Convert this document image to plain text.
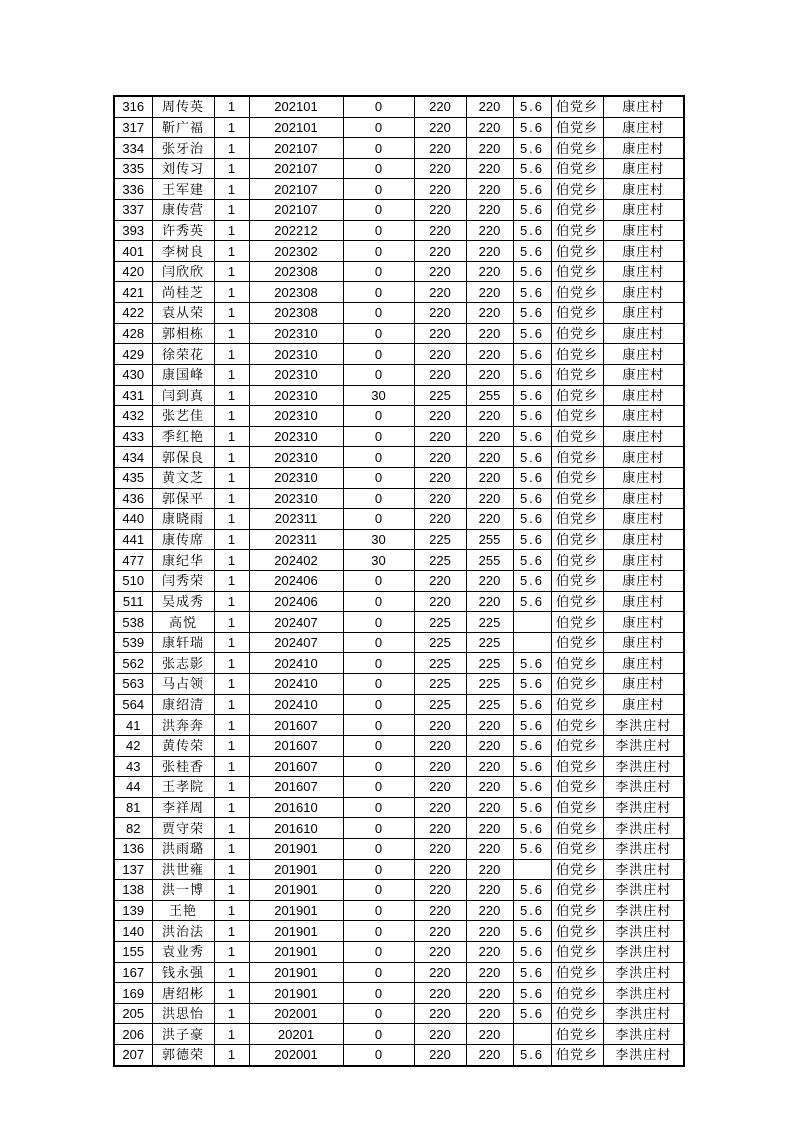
316	周传英	1	202101	0	220	220	5.6	伯党乡	康庄村
317	靳广福	1	202101	0	220	220	5.6	伯党乡	康庄村
334	张牙治	1	202107	0	220	220	5.6	伯党乡	康庄村
335	刘传习	1	202107	0	220	220	5.6	伯党乡	康庄村
336	王军建	1	202107	0	220	220	5.6	伯党乡	康庄村
337	康传营	1	202107	0	220	220	5.6	伯党乡	康庄村
393	许秀英	1	202212	0	220	220	5.6	伯党乡	康庄村
401	李树良	1	202302	0	220	220	5.6	伯党乡	康庄村
420	闫欣欣	1	202308	0	220	220	5.6	伯党乡	康庄村
421	尚桂芝	1	202308	0	220	220	5.6	伯党乡	康庄村
422	袁从荣	1	202308	0	220	220	5.6	伯党乡	康庄村
428	郭相栋	1	202310	0	220	220	5.6	伯党乡	康庄村
429	徐荣花	1	202310	0	220	220	5.6	伯党乡	康庄村
430	康国峰	1	202310	0	220	220	5.6	伯党乡	康庄村
431	闫到真	1	202310	30	225	255	5.6	伯党乡	康庄村
432	张艺佳	1	202310	0	220	220	5.6	伯党乡	康庄村
433	季红艳	1	202310	0	220	220	5.6	伯党乡	康庄村
434	郭保良	1	202310	0	220	220	5.6	伯党乡	康庄村
435	黄文芝	1	202310	0	220	220	5.6	伯党乡	康庄村
436	郭保平	1	202310	0	220	220	5.6	伯党乡	康庄村
440	康晓雨	1	202311	0	220	220	5.6	伯党乡	康庄村
441	康传席	1	202311	30	225	255	5.6	伯党乡	康庄村
477	康纪华	1	202402	30	225	255	5.6	伯党乡	康庄村
510	闫秀荣	1	202406	0	220	220	5.6	伯党乡	康庄村
511	吴成秀	1	202406	0	220	220	5.6	伯党乡	康庄村
538	高悦	1	202407	0	225	225		伯党乡	康庄村
539	康轩瑞	1	202407	0	225	225		伯党乡	康庄村
562	张志影	1	202410	0	225	225	5.6	伯党乡	康庄村
563	马占领	1	202410	0	225	225	5.6	伯党乡	康庄村
564	康绍清	1	202410	0	225	225	5.6	伯党乡	康庄村
41	洪奔奔	1	201607	0	220	220	5.6	伯党乡	李洪庄村
42	黄传荣	1	201607	0	220	220	5.6	伯党乡	李洪庄村
43	张桂香	1	201607	0	220	220	5.6	伯党乡	李洪庄村
44	王孝院	1	201607	0	220	220	5.6	伯党乡	李洪庄村
81	李祥周	1	201610	0	220	220	5.6	伯党乡	李洪庄村
82	贾守荣	1	201610	0	220	220	5.6	伯党乡	李洪庄村
136	洪雨璐	1	201901	0	220	220	5.6	伯党乡	李洪庄村
137	洪世雍	1	201901	0	220	220		伯党乡	李洪庄村
138	洪一博	1	201901	0	220	220	5.6	伯党乡	李洪庄村
139	王艳	1	201901	0	220	220	5.6	伯党乡	李洪庄村
140	洪治法	1	201901	0	220	220	5.6	伯党乡	李洪庄村
155	袁业秀	1	201901	0	220	220	5.6	伯党乡	李洪庄村
167	钱永强	1	201901	0	220	220	5.6	伯党乡	李洪庄村
169	唐绍彬	1	201901	0	220	220	5.6	伯党乡	李洪庄村
205	洪思怡	1	202001	0	220	220	5.6	伯党乡	李洪庄村
206	洪子豪	1	20201	0	220	220		伯党乡	李洪庄村
207	郭德荣	1	202001	0	220	220	5.6	伯党乡	李洪庄村
